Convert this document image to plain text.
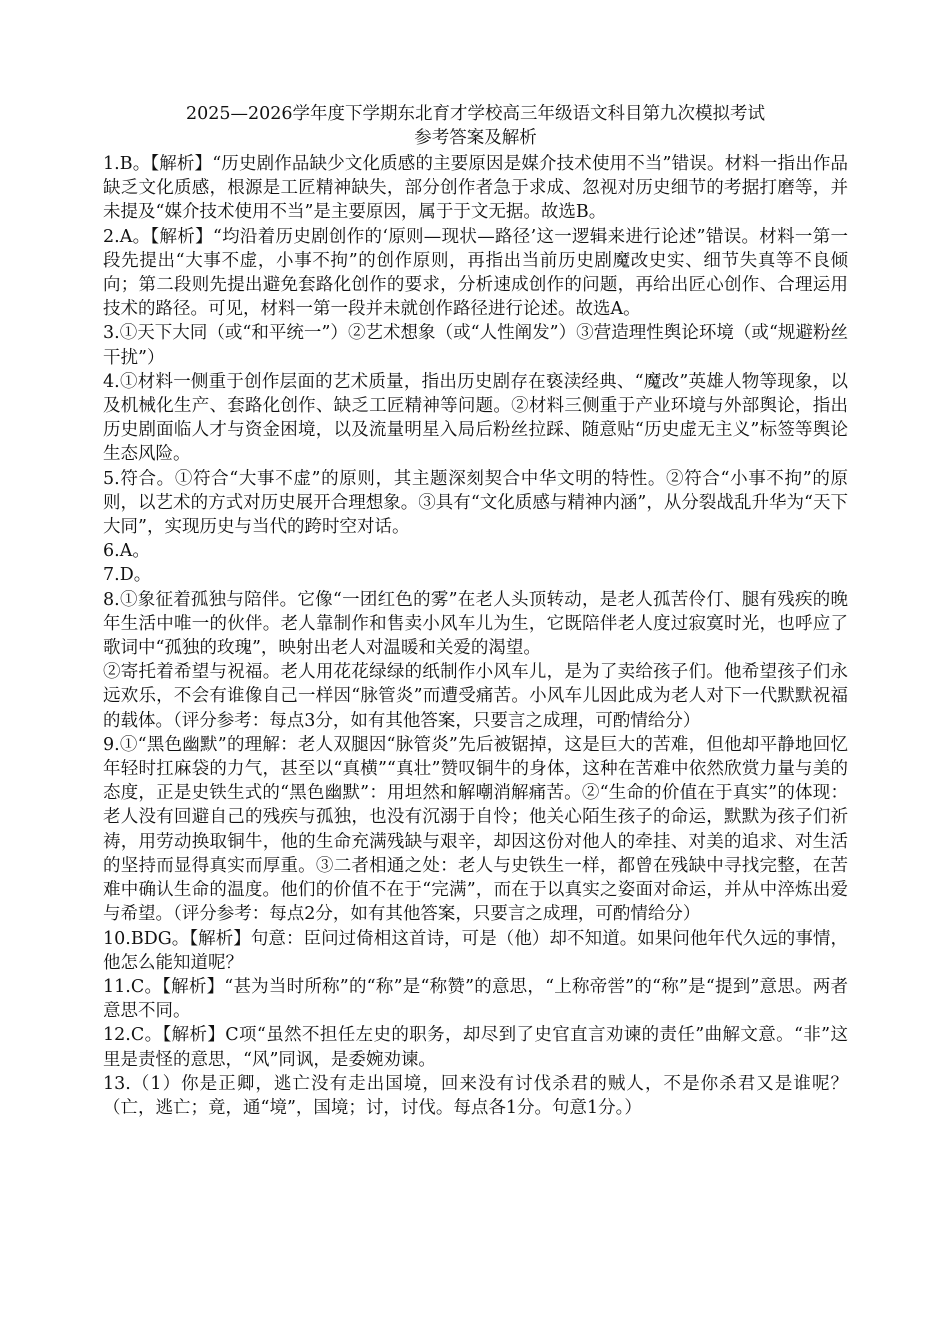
2025—2026学年度下学期东北育才学校高三年级语文科目第九次模拟考试

参考答案及解析

1.B。【解析】“历史剧作品缺少文化质感的主要原因是媒介技术使用不当”错误。材料一指出作品缺乏文化质感，根源是工匠精神缺失，部分创作者急于求成、忽视对历史细节的考据打磨等，并未提及“媒介技术使用不当”是主要原因，属于于文无据。故选B。

2.A。【解析】“均沿着历史剧创作的‘原则—现状—路径’这一逻辑来进行论述”错误。材料一第一段先提出“大事不虚，小事不拘”的创作原则，再指出当前历史剧魔改史实、细节失真等不良倾向；第二段则先提出避免套路化创作的要求，分析速成创作的问题，再给出匠心创作、合理运用技术的路径。可见，材料一第一段并未就创作路径进行论述。故选A。

3.①天下大同（或“和平统一”）②艺术想象（或“人性阐发”）③营造理性舆论环境（或“规避粉丝干扰”）

4.①材料一侧重于创作层面的艺术质量，指出历史剧存在亵渎经典、“魔改”英雄人物等现象，以及机械化生产、套路化创作、缺乏工匠精神等问题。②材料三侧重于产业环境与外部舆论，指出历史剧面临人才与资金困境，以及流量明星入局后粉丝拉踩、随意贴“历史虚无主义”标签等舆论生态风险。

5.符合。①符合“大事不虚”的原则，其主题深刻契合中华文明的特性。②符合“小事不拘”的原则，以艺术的方式对历史展开合理想象。③具有“文化质感与精神内涵”，从分裂战乱升华为“天下大同”，实现历史与当代的跨时空对话。

6.A。

7.D。

8.①象征着孤独与陪伴。它像“一团红色的雾”在老人头顶转动，是老人孤苦伶仃、腿有残疾的晚年生活中唯一的伙伴。老人靠制作和售卖小风车儿为生，它既陪伴老人度过寂寞时光，也呼应了歌词中“孤独的玫瑰”，映射出老人对温暖和关爱的渴望。

②寄托着希望与祝福。老人用花花绿绿的纸制作小风车儿，是为了卖给孩子们。他希望孩子们永远欢乐，不会有谁像自己一样因“脉管炎”而遭受痛苦。小风车儿因此成为老人对下一代默默祝福的载体。（评分参考：每点3分，如有其他答案，只要言之成理，可酌情给分）

9.①“黑色幽默”的理解：老人双腿因“脉管炎”先后被锯掉，这是巨大的苦难，但他却平静地回忆年轻时扛麻袋的力气，甚至以“真横”“真壮”赞叹铜牛的身体，这种在苦难中依然欣赏力量与美的态度，正是史铁生式的“黑色幽默”：用坦然和解嘲消解痛苦。②“生命的价值在于真实”的体现：老人没有回避自己的残疾与孤独，也没有沉溺于自怜；他关心陌生孩子的命运，默默为孩子们祈祷，用劳动换取铜牛，他的生命充满残缺与艰辛，却因这份对他人的牵挂、对美的追求、对生活的坚持而显得真实而厚重。③二者相通之处：老人与史铁生一样，都曾在残缺中寻找完整，在苦难中确认生命的温度。他们的价值不在于“完满”，而在于以真实之姿面对命运，并从中淬炼出爱与希望。（评分参考：每点2分，如有其他答案，只要言之成理，可酌情给分）

10.BDG。【解析】句意：臣问过倚相这首诗，可是（他）却不知道。如果问他年代久远的事情，他怎么能知道呢？

11.C。【解析】“甚为当时所称”的“称”是“称赞”的意思，“上称帝喾”的“称”是“提到”意思。两者意思不同。

12.C。【解析】C项“虽然不担任左史的职务，却尽到了史官直言劝谏的责任”曲解文意。“非”这里是责怪的意思，“风”同讽，是委婉劝谏。

13.（1）你是正卿，逃亡没有走出国境，回来没有讨伐杀君的贼人，不是你杀君又是谁呢？（亡，逃亡；竟，通“境”，国境；讨，讨伐。每点各1分。句意1分。）
